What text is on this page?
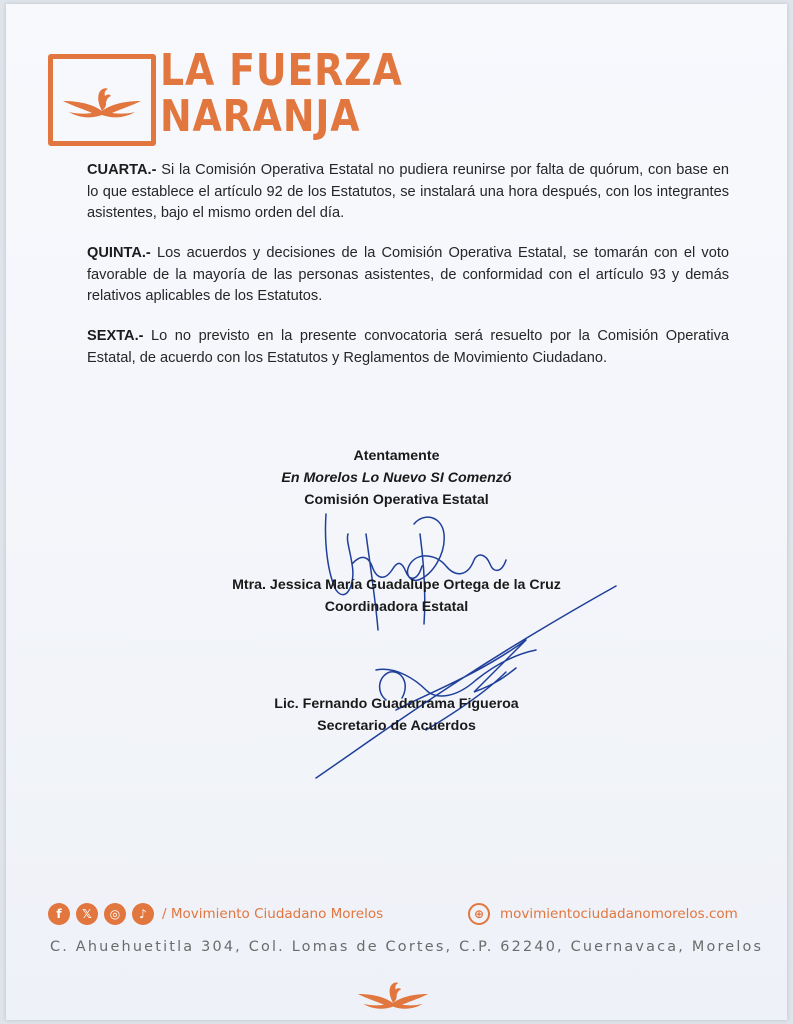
LA FUERZA
NARANJA
CUARTA.- Si la Comisión Operativa Estatal no pudiera reunirse por falta de quórum, con base en lo que establece el artículo 92 de los Estatutos, se instalará una hora después, con los integrantes asistentes, bajo el mismo orden del día.
QUINTA.- Los acuerdos y decisiones de la Comisión Operativa Estatal, se tomarán con el voto favorable de la mayoría de las personas asistentes, de conformidad con el artículo 93 y demás relativos aplicables de los Estatutos.
SEXTA.- Lo no previsto en la presente convocatoria será resuelto por la Comisión Operativa Estatal, de acuerdo con los Estatutos y Reglamentos de Movimiento Ciudadano.
Atentamente
En Morelos Lo Nuevo SI Comenzó
Comisión Operativa Estatal
Mtra. Jessica María Guadalupe Ortega de la Cruz
Coordinadora Estatal
Lic. Fernando Guadarrama Figueroa
Secretario de Acuerdos
f	𝕏	◎	♪	/ Movimiento Ciudadano Morelos	⊕	movimientociudadanomorelos.com
C. Ahuehuetitla 304, Col. Lomas de Cortes, C.P. 62240, Cuernavaca, Morelos
